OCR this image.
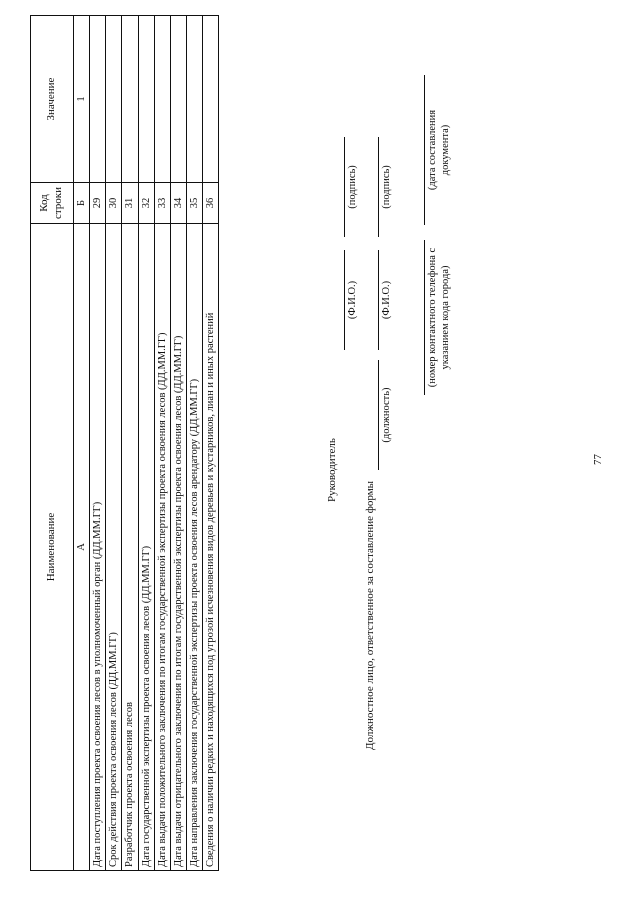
Наименование	Код строки	Значение
А	Б	1
Дата поступления проекта освоения лесов в уполномоченный орган (ДД.ММ.ГГ)	29	
Срок действия проекта освоения лесов (ДД.ММ.ГГ)	30	
Разработчик проекта освоения лесов	31	
Дата государственной экспертизы проекта освоения лесов (ДД.ММ.ГГ)	32	
Дата выдачи положительного заключения по итогам государственной экспертизы проекта освоения лесов (ДД.ММ.ГГ)	33	
Дата выдачи отрицательного заключения по итогам государственной экспертизы проекта освоения лесов (ДД.ММ.ГГ)	34	
Дата направления заключения государственной экспертизы проекта освоения лесов арендатору (ДД.ММ.ГГ)	35	
Сведения о наличии редких и находящихся под угрозой исчезновения видов деревьев и кустарников, лиан и иных растений	36	
Руководитель
(Ф.И.О.)
(подпись)
Должностное лицо, ответственное за составление формы
(должность)
(Ф.И.О.)
(подпись)
(номер контактного телефона с указанием кода города)
(дата составления документа)
77
